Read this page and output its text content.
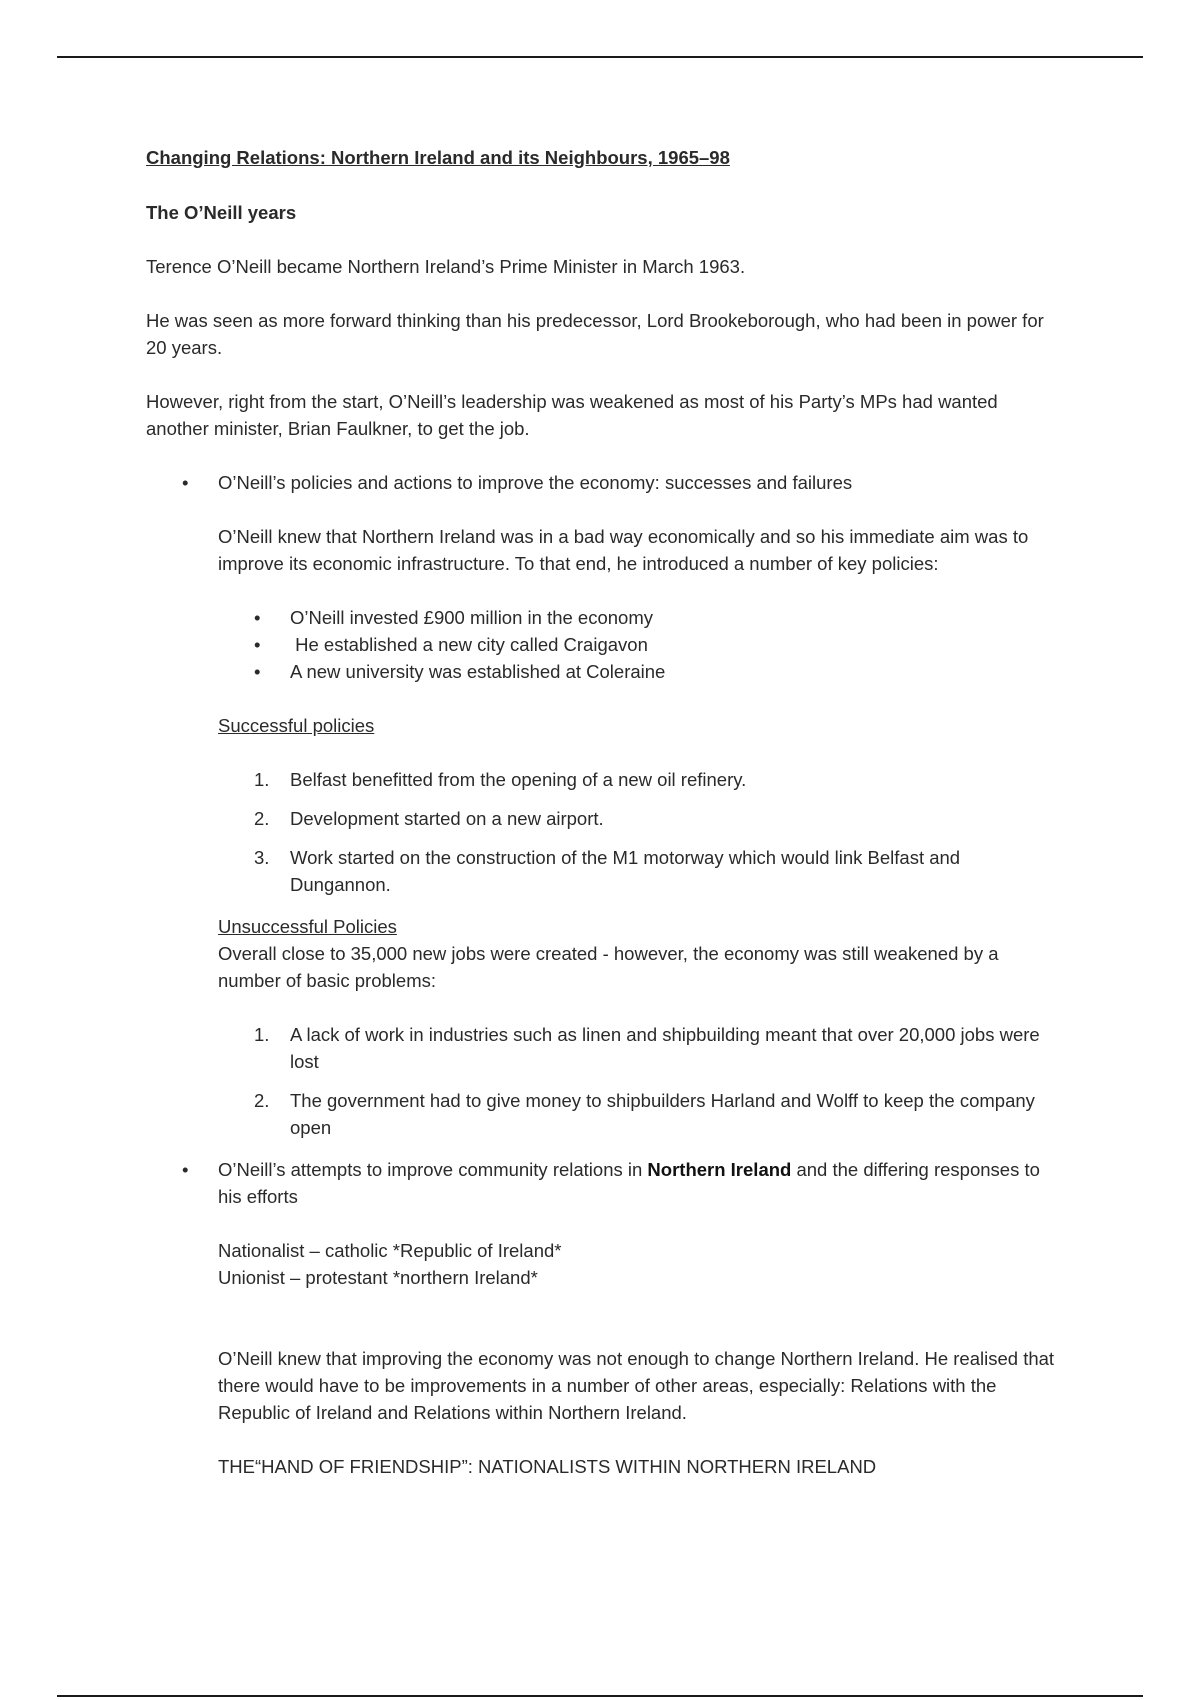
Changing Relations: Northern Ireland and its Neighbours, 1965–98

The O’Neill years

Terence O’Neill became Northern Ireland’s Prime Minister in March 1963.

He was seen as more forward thinking than his predecessor, Lord Brookeborough, who had been in power for 20 years.

However, right from the start, O’Neill’s leadership was weakened as most of his Party’s MPs had wanted another minister, Brian Faulkner, to get the job.

• O’Neill’s policies and actions to improve the economy: successes and failures

O’Neill knew that Northern Ireland was in a bad way economically and so his immediate aim was to improve its economic infrastructure. To that end, he introduced a number of key policies:

• O’Neill invested £900 million in the economy
• He established a new city called Craigavon
• A new university was established at Coleraine

Successful policies

1. Belfast benefitted from the opening of a new oil refinery.
2. Development started on a new airport.
3. Work started on the construction of the M1 motorway which would link Belfast and Dungannon.

Unsuccessful Policies

Overall close to 35,000 new jobs were created - however, the economy was still weakened by a number of basic problems:

1. A lack of work in industries such as linen and shipbuilding meant that over 20,000 jobs were lost
2. The government had to give money to shipbuilders Harland and Wolff to keep the company open
• O’Neill’s attempts to improve community relations in Northern Ireland and the differing responses to his efforts

Nationalist – catholic *Republic of Ireland*

Unionist – protestant *northern Ireland*

O’Neill knew that improving the economy was not enough to change Northern Ireland. He realised that there would have to be improvements in a number of other areas, especially: Relations with the Republic of Ireland and Relations within Northern Ireland.

THE“HAND OF FRIENDSHIP”: NATIONALISTS WITHIN NORTHERN IRELAND
